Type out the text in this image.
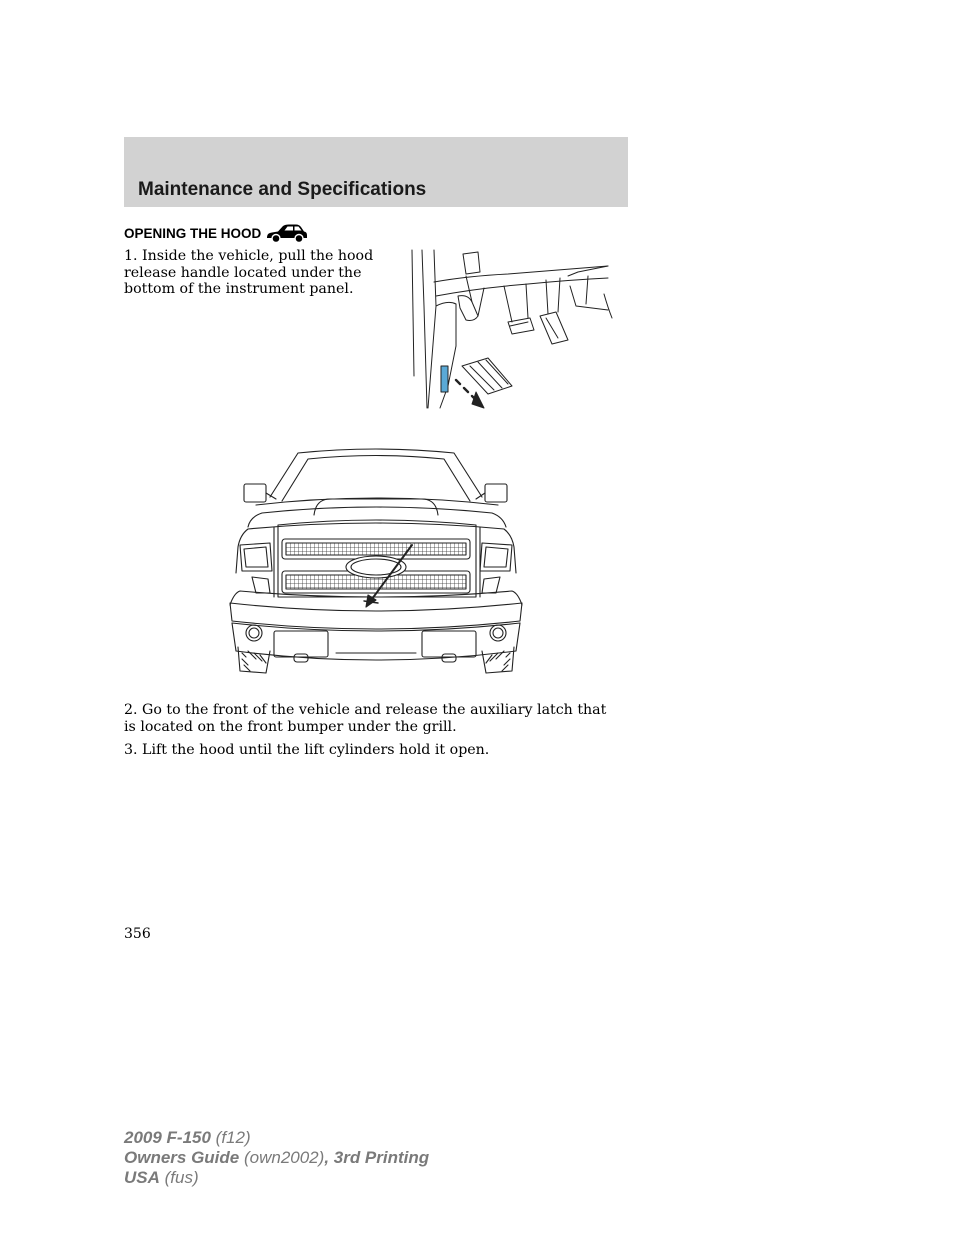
Maintenance and Specifications
OPENING THE HOOD

1. Inside the vehicle, pull the hood release handle located under the bottom of the instrument panel.

2. Go to the front of the vehicle and release the auxiliary latch that is located on the front bumper under the grill.

3. Lift the hood until the lift cylinders hold it open.

356

2009 F-150 (f12)
Owners Guide (own2002), 3rd Printing
USA (fus)
